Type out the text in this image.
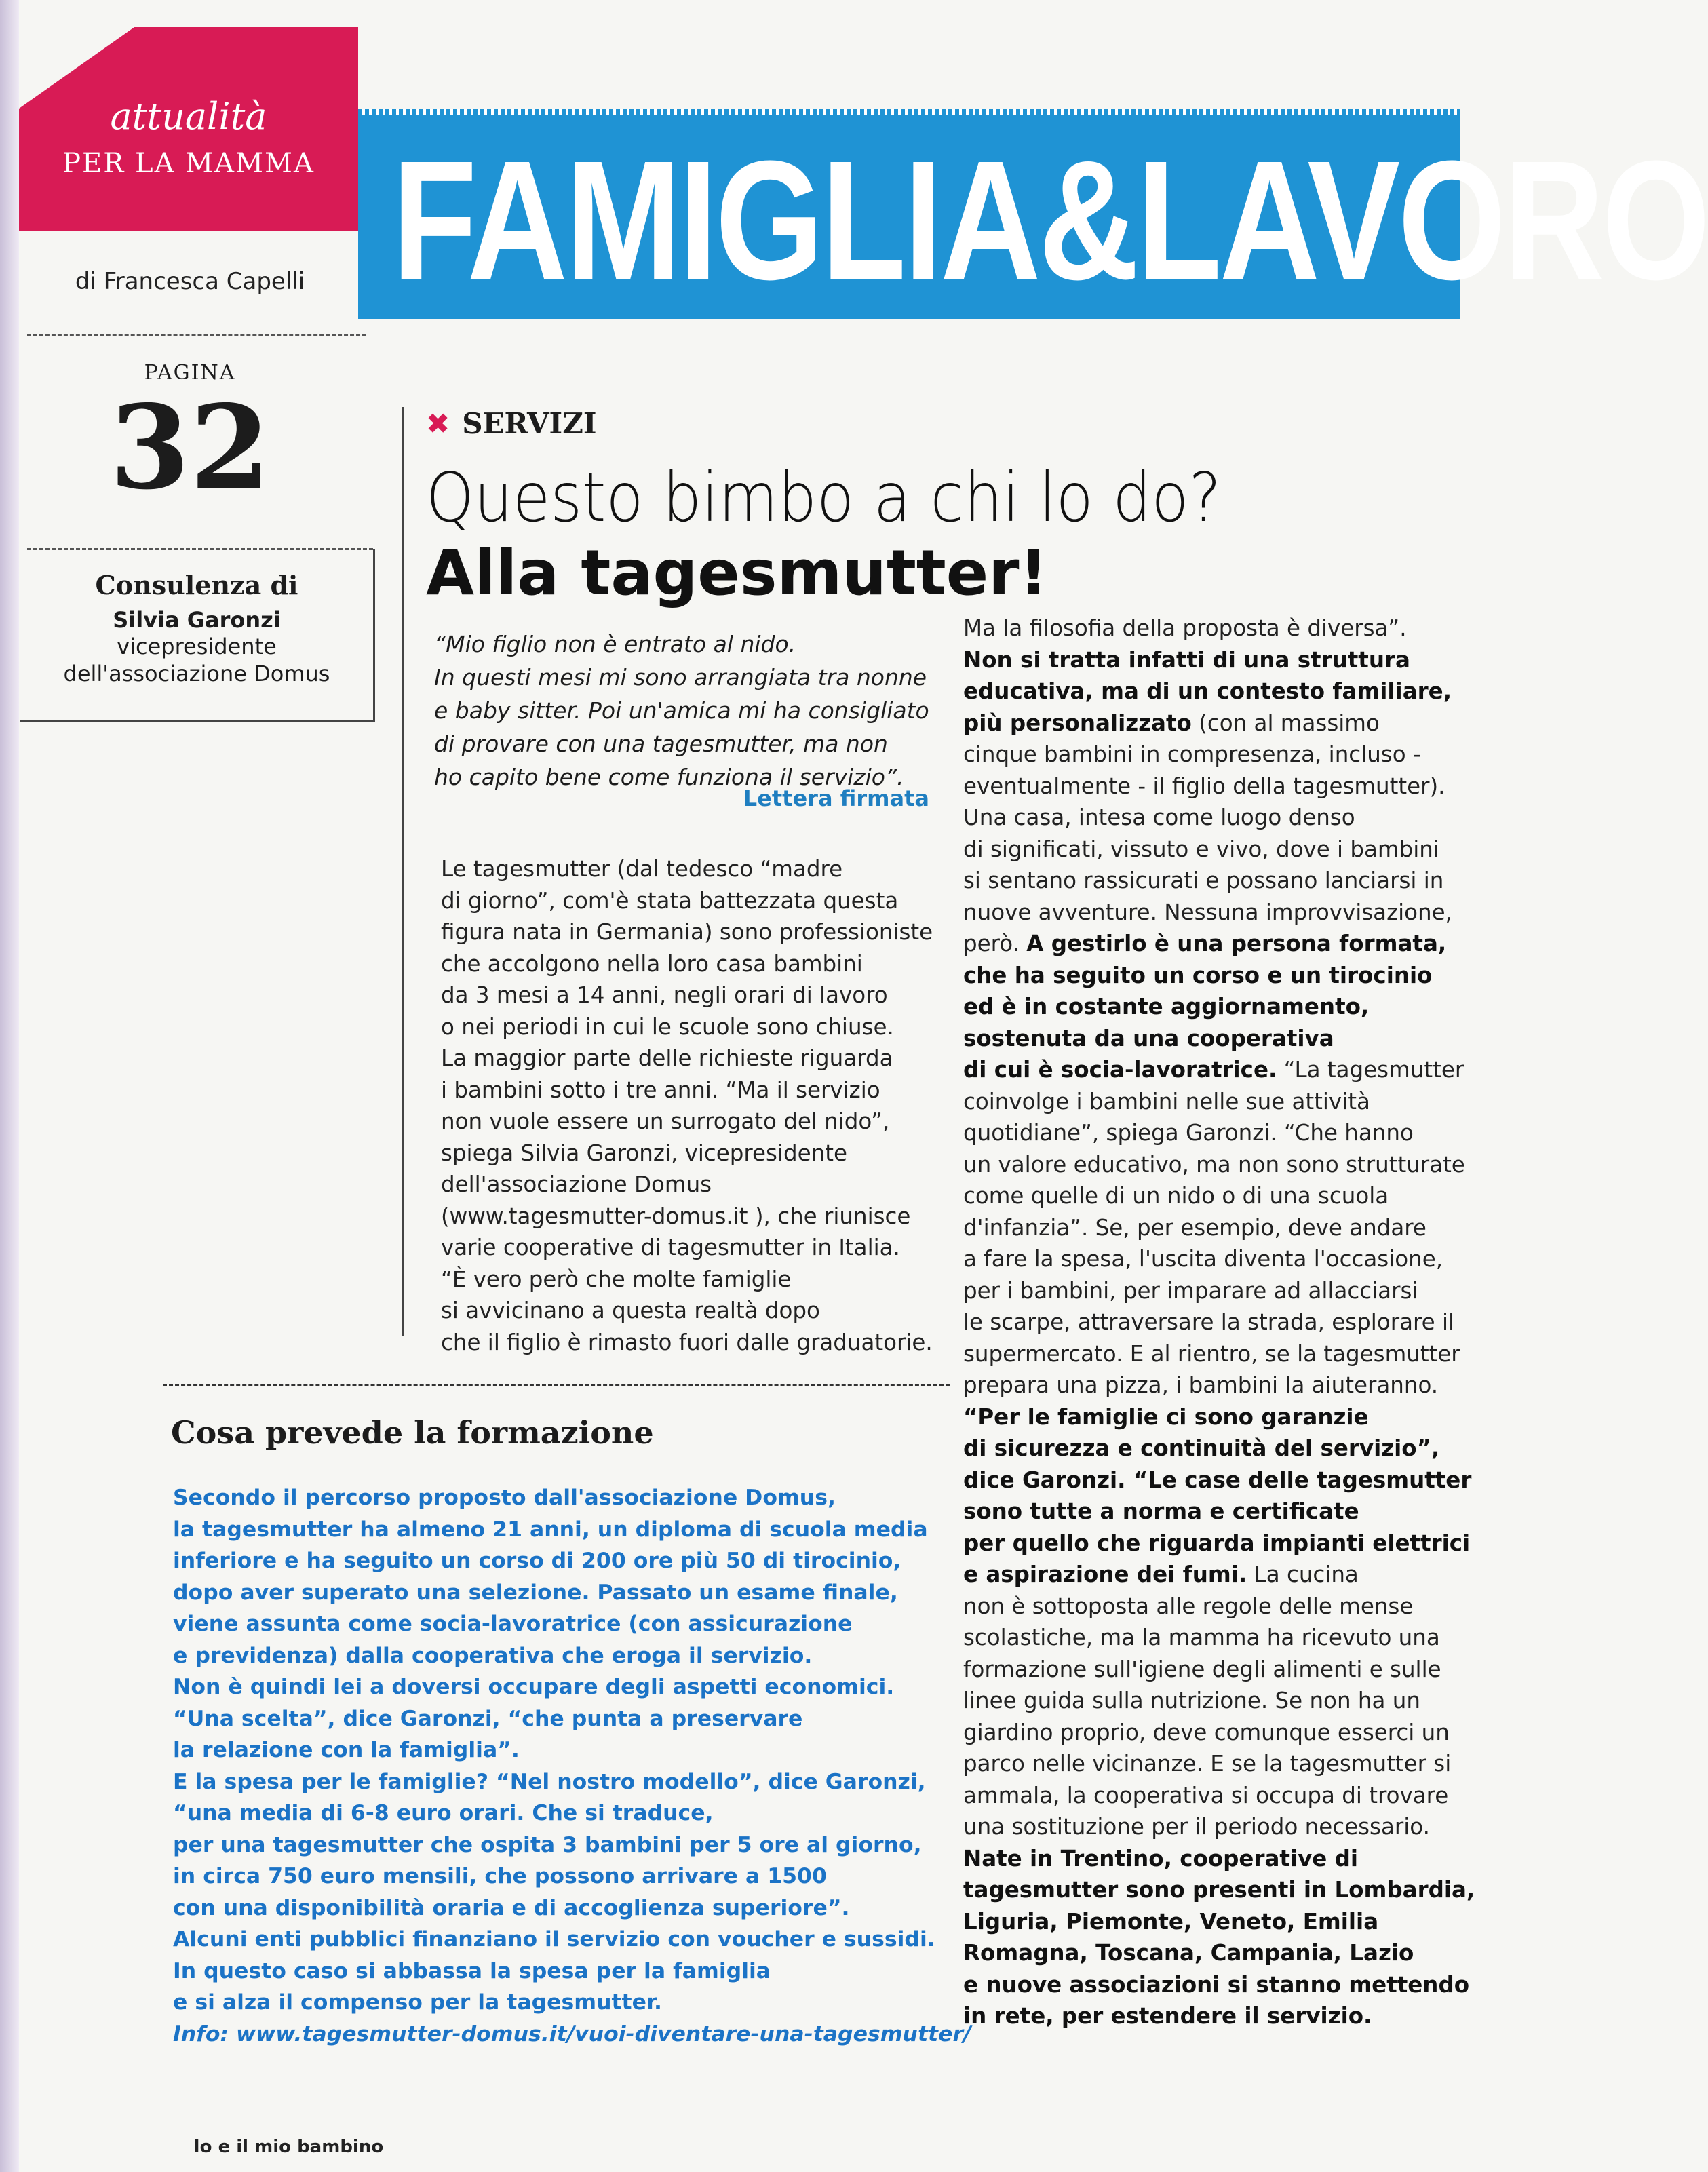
attualità
PER LA MAMMA FAMIGLIA&LAVORO
di Francesca Capelli
PAGINA
32
Consulenza di
Silvia Garonzi
vicepresidente
dell'associazione Domus
✖ SERVIZI
Questo bimbo a chi lo do?
Alla tagesmutter!
“Mio figlio non è entrato al nido.
In questi mesi mi sono arrangiata tra nonne
e baby sitter. Poi un'amica mi ha consigliato
di provare con una tagesmutter, ma non
ho capito bene come funziona il servizio”.
Lettera firmata
Le tagesmutter (dal tedesco “madre
di giorno”, com'è stata battezzata questa
figura nata in Germania) sono professioniste
che accolgono nella loro casa bambini
da 3 mesi a 14 anni, negli orari di lavoro
o nei periodi in cui le scuole sono chiuse.
La maggior parte delle richieste riguarda
i bambini sotto i tre anni. “Ma il servizio
non vuole essere un surrogato del nido”,
spiega Silvia Garonzi, vicepresidente
dell'associazione Domus
(www.tagesmutter-domus.it ), che riunisce
varie cooperative di tagesmutter in Italia.
“È vero però che molte famiglie
si avvicinano a questa realtà dopo
che il figlio è rimasto fuori dalle graduatorie.
Ma la filosofia della proposta è diversa”.
Non si tratta infatti di una struttura
educativa, ma di un contesto familiare,
più personalizzato (con al massimo
cinque bambini in compresenza, incluso -
eventualmente - il figlio della tagesmutter).
Una casa, intesa come luogo denso
di significati, vissuto e vivo, dove i bambini
si sentano rassicurati e possano lanciarsi in
nuove avventure. Nessuna improvvisazione,
però. A gestirlo è una persona formata,
che ha seguito un corso e un tirocinio
ed è in costante aggiornamento,
sostenuta da una cooperativa
di cui è socia-lavoratrice. “La tagesmutter
coinvolge i bambini nelle sue attività
quotidiane”, spiega Garonzi. “Che hanno
un valore educativo, ma non sono strutturate
come quelle di un nido o di una scuola
d'infanzia”. Se, per esempio, deve andare
a fare la spesa, l'uscita diventa l'occasione,
per i bambini, per imparare ad allacciarsi
le scarpe, attraversare la strada, esplorare il
supermercato. E al rientro, se la tagesmutter
prepara una pizza, i bambini la aiuteranno.
“Per le famiglie ci sono garanzie
di sicurezza e continuità del servizio”,
dice Garonzi. “Le case delle tagesmutter
sono tutte a norma e certificate
per quello che riguarda impianti elettrici
e aspirazione dei fumi. La cucina
non è sottoposta alle regole delle mense
scolastiche, ma la mamma ha ricevuto una
formazione sull'igiene degli alimenti e sulle
linee guida sulla nutrizione. Se non ha un
giardino proprio, deve comunque esserci un
parco nelle vicinanze. E se la tagesmutter si
ammala, la cooperativa si occupa di trovare
una sostituzione per il periodo necessario.
Nate in Trentino, cooperative di
tagesmutter sono presenti in Lombardia,
Liguria, Piemonte, Veneto, Emilia
Romagna, Toscana, Campania, Lazio
e nuove associazioni si stanno mettendo
in rete, per estendere il servizio.
Cosa prevede la formazione
Secondo il percorso proposto dall'associazione Domus,
la tagesmutter ha almeno 21 anni, un diploma di scuola media
inferiore e ha seguito un corso di 200 ore più 50 di tirocinio,
dopo aver superato una selezione. Passato un esame finale,
viene assunta come socia-lavoratrice (con assicurazione
e previdenza) dalla cooperativa che eroga il servizio.
Non è quindi lei a doversi occupare degli aspetti economici.
“Una scelta”, dice Garonzi, “che punta a preservare
la relazione con la famiglia”.
E la spesa per le famiglie? “Nel nostro modello”, dice Garonzi,
“una media di 6-8 euro orari. Che si traduce,
per una tagesmutter che ospita 3 bambini per 5 ore al giorno,
in circa 750 euro mensili, che possono arrivare a 1500
con una disponibilità oraria e di accoglienza superiore”.
Alcuni enti pubblici finanziano il servizio con voucher e sussidi.
In questo caso si abbassa la spesa per la famiglia
e si alza il compenso per la tagesmutter.
Info: www.tagesmutter-domus.it/vuoi-diventare-una-tagesmutter/
Io e il mio bambino
